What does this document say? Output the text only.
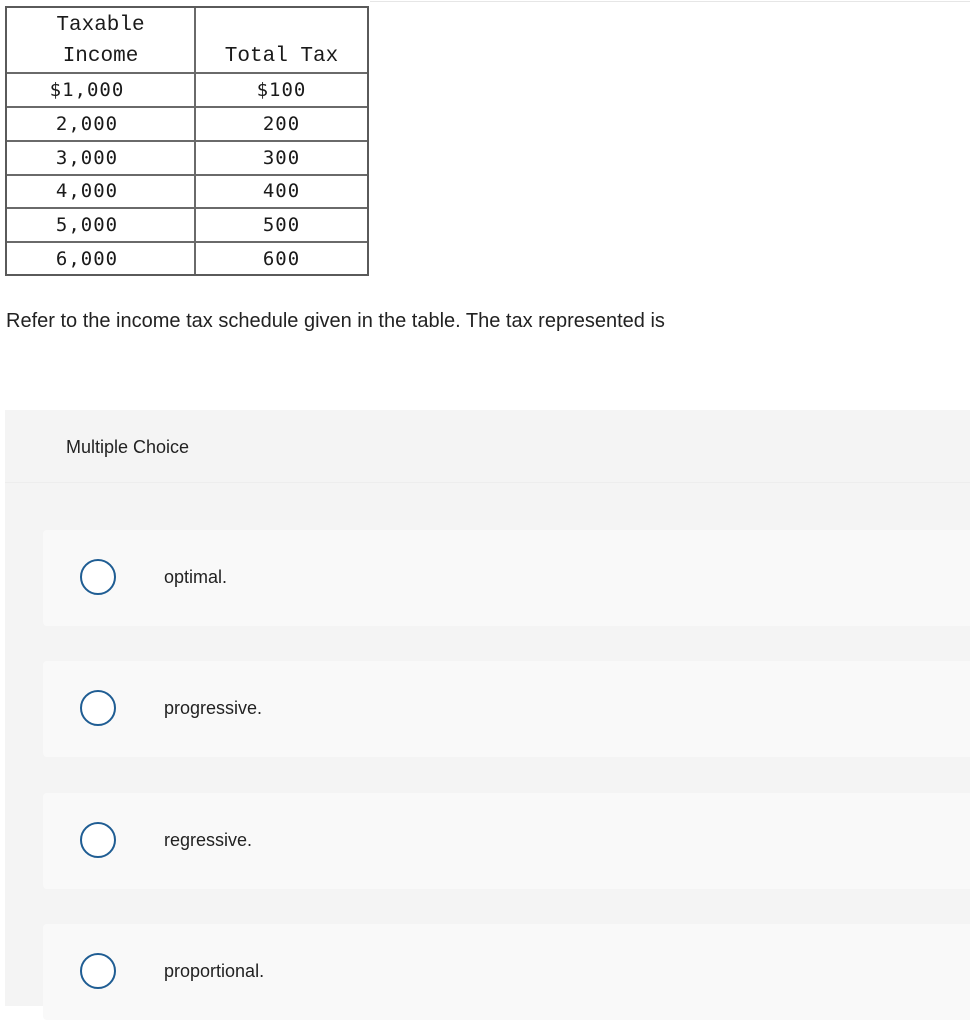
Taxable
Income	Total Tax
$1,000	$100
2,000	200
3,000	300
4,000	400
5,000	500
6,000	600
Refer to the income tax schedule given in the table. The tax represented is
Multiple Choice
optimal.
progressive.
regressive.
proportional.
